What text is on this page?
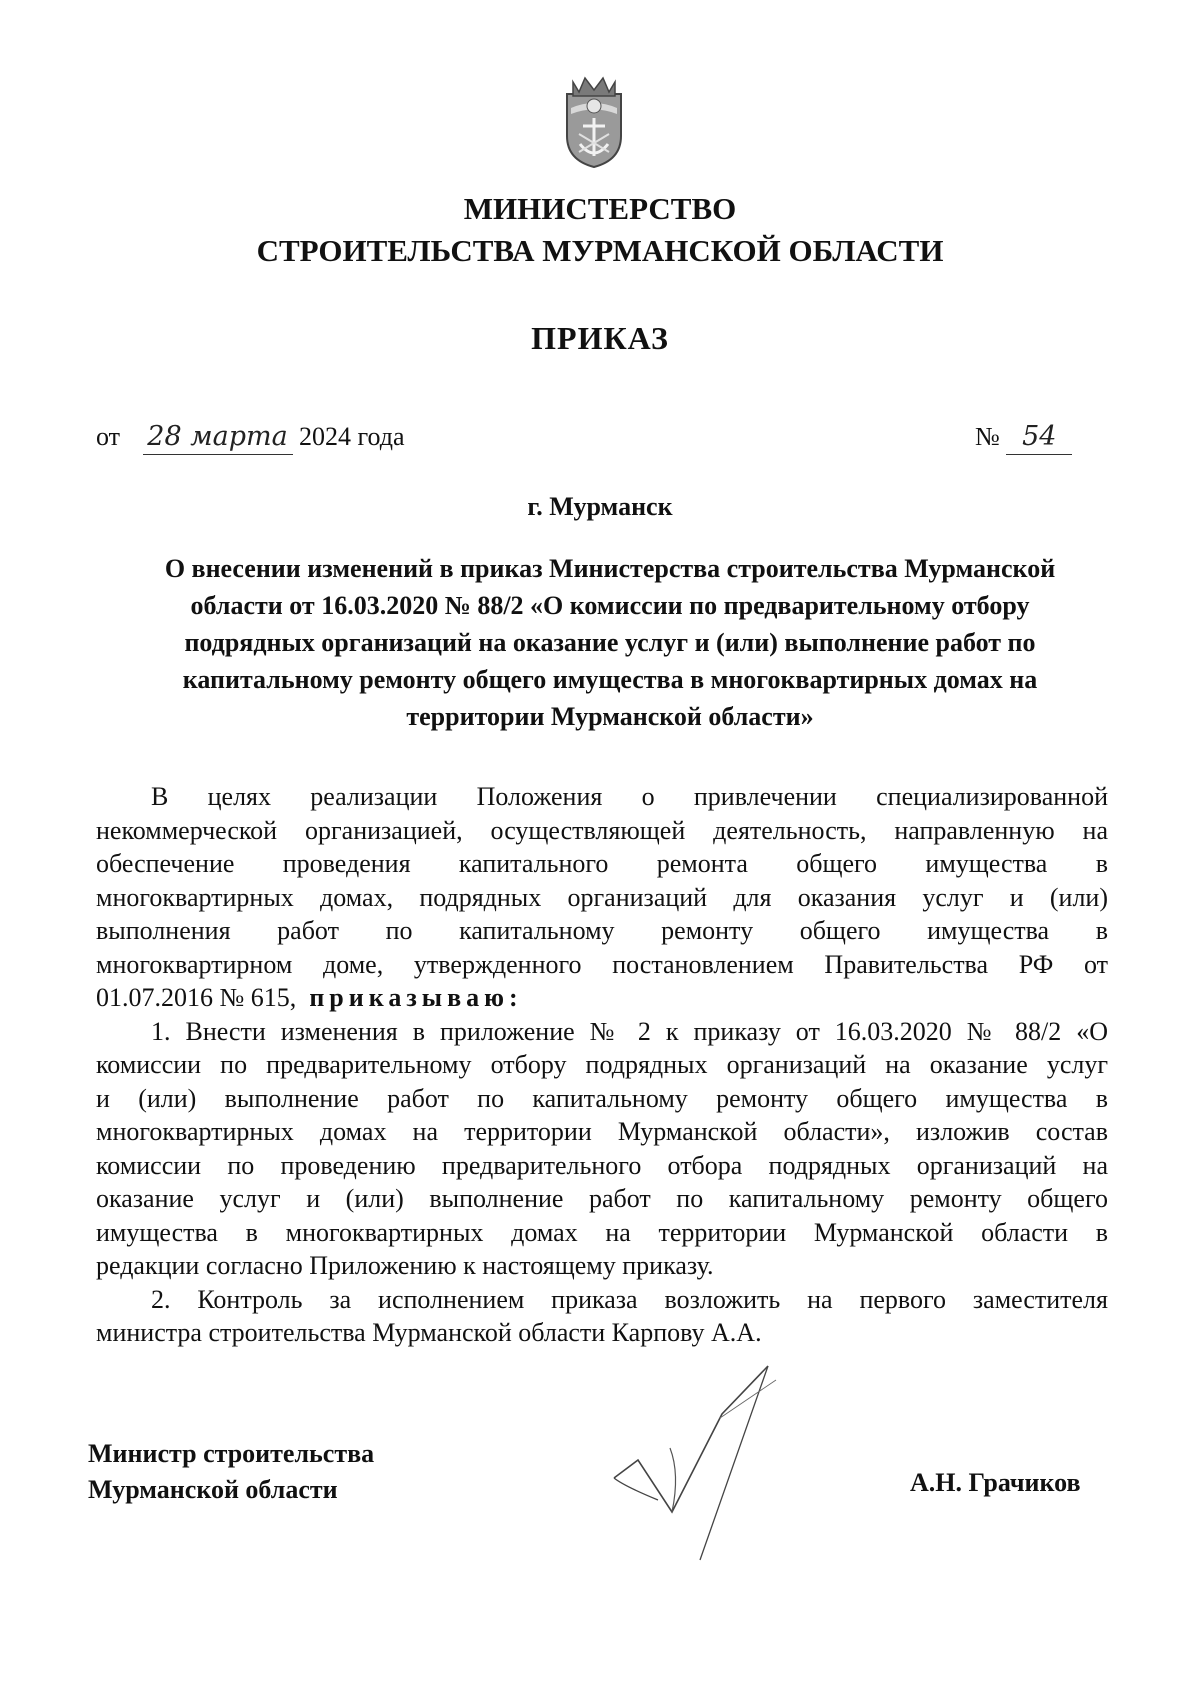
МИНИСТЕРСТВО
СТРОИТЕЛЬСТВА МУРМАНСКОЙ ОБЛАСТИ
ПРИКАЗ
от 28 марта 2024 года	№ 54
г. Мурманск
О внесении изменений в приказ Министерства строительства Мурманской
области от 16.03.2020 № 88/2 «О комиссии по предварительному отбору
подрядных организаций на оказание услуг и (или) выполнение работ по
капитальному ремонту общего имущества в многоквартирных домах на
территории Мурманской области»
В целях реализации Положения о привлечении специализированной
некоммерческой организацией, осуществляющей деятельность, направленную на
обеспечение проведения капитального ремонта общего имущества в
многоквартирных домах, подрядных организаций для оказания услуг и (или)
выполнения работ по капитальному ремонту общего имущества в
многоквартирном доме, утвержденного постановлением Правительства РФ от
01.07.2016 № 615, приказываю:
1. Внести изменения в приложение № 2 к приказу от 16.03.2020 № 88/2 «О
комиссии по предварительному отбору подрядных организаций на оказание услуг
и (или) выполнение работ по капитальному ремонту общего имущества в
многоквартирных домах на территории Мурманской области», изложив состав
комиссии по проведению предварительного отбора подрядных организаций на
оказание услуг и (или) выполнение работ по капитальному ремонту общего
имущества в многоквартирных домах на территории Мурманской области в
редакции согласно Приложению к настоящему приказу.
2. Контроль за исполнением приказа возложить на первого заместителя
министра строительства Мурманской области Карпову А.А.
Министр строительства
Мурманской области	А.Н. Грачиков
